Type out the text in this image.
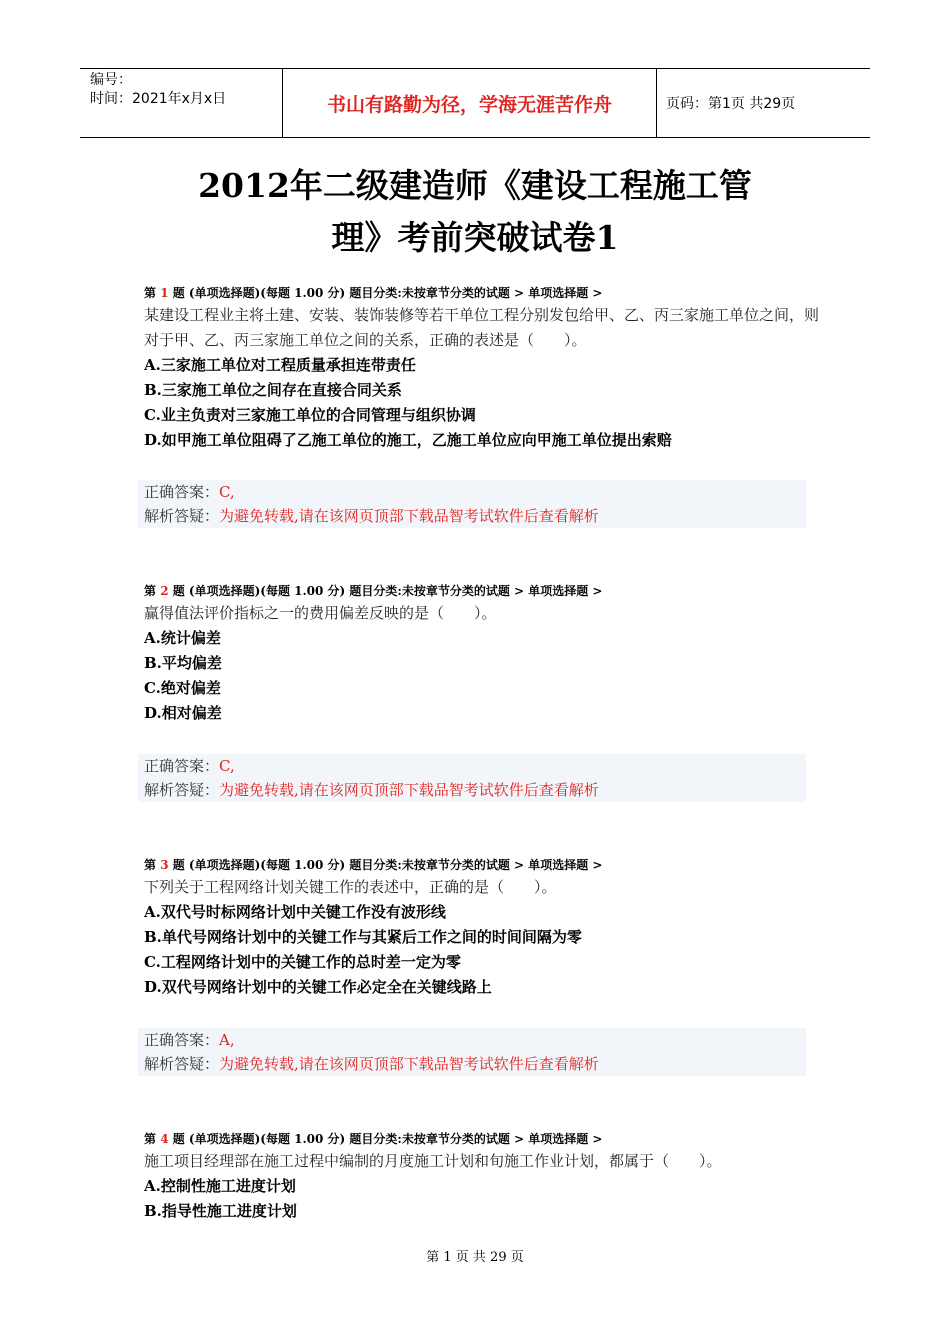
编号：
时间：2021年x月x日	书山有路勤为径，学海无涯苦作舟	页码：第1页 共29页
2012年二级建造师《建设工程施工管
理》考前突破试卷1
第 1 题 (单项选择题)(每题 1.00 分) 题目分类:未按章节分类的试题 > 单项选择题 >
某建设工程业主将土建、安装、装饰装修等若干单位工程分别发包给甲、乙、丙三家施工单位之间，则对于甲、乙、丙三家施工单位之间的关系，正确的表述是（　　）。
A.三家施工单位对工程质量承担连带责任
B.三家施工单位之间存在直接合同关系
C.业主负责对三家施工单位的合同管理与组织协调
D.如甲施工单位阻碍了乙施工单位的施工，乙施工单位应向甲施工单位提出索赔
正确答案：C,
解析答疑：为避免转载,请在该网页顶部下载品智考试软件后查看解析
第 2 题 (单项选择题)(每题 1.00 分) 题目分类:未按章节分类的试题 > 单项选择题 >
赢得值法评价指标之一的费用偏差反映的是（　　）。
A.统计偏差
B.平均偏差
C.绝对偏差
D.相对偏差
正确答案：C,
解析答疑：为避免转载,请在该网页顶部下载品智考试软件后查看解析
第 3 题 (单项选择题)(每题 1.00 分) 题目分类:未按章节分类的试题 > 单项选择题 >
下列关于工程网络计划关键工作的表述中，正确的是（　　）。
A.双代号时标网络计划中关键工作没有波形线
B.单代号网络计划中的关键工作与其紧后工作之间的时间间隔为零
C.工程网络计划中的关键工作的总时差一定为零
D.双代号网络计划中的关键工作必定全在关键线路上
正确答案：A,
解析答疑：为避免转载,请在该网页顶部下载品智考试软件后查看解析
第 4 题 (单项选择题)(每题 1.00 分) 题目分类:未按章节分类的试题 > 单项选择题 >
施工项目经理部在施工过程中编制的月度施工计划和旬施工作业计划，都属于（　　）。
A.控制性施工进度计划
B.指导性施工进度计划
第 1 页 共 29 页
